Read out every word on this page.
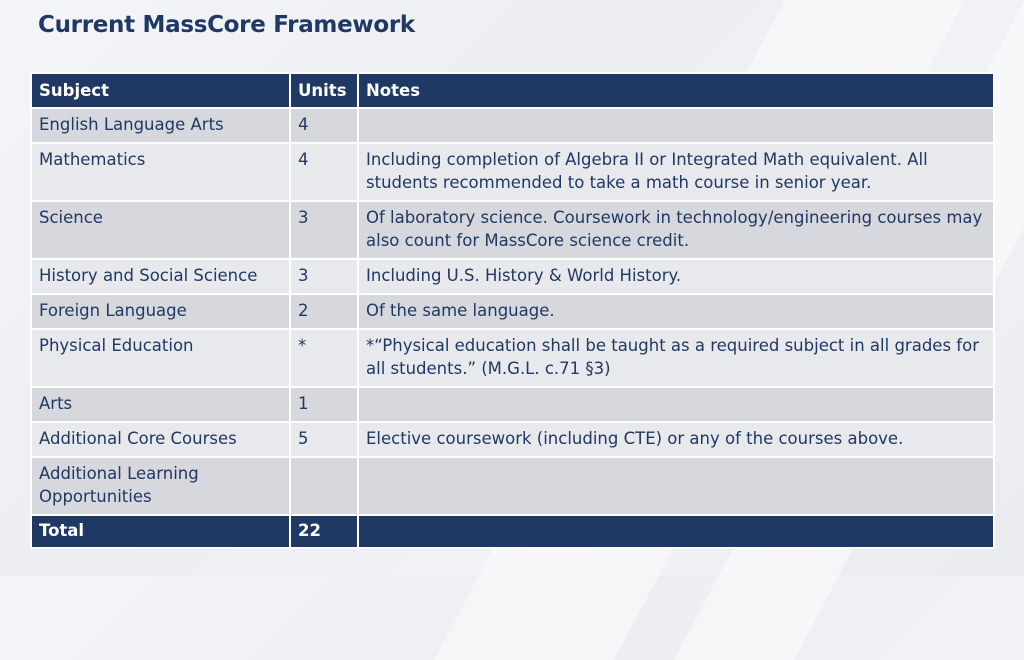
Current MassCore Framework
Subject	Units	Notes
English Language Arts	4	
Mathematics	4	Including completion of Algebra II or Integrated Math equivalent. All students recommended to take a math course in senior year.
Science	3	Of laboratory science. Coursework in technology/engineering courses may also count for MassCore science credit.
History and Social Science	3	Including U.S. History & World History.
Foreign Language	2	Of the same language.
Physical Education	*	*“Physical education shall be taught as a required subject in all grades for all students.” (M.G.L. c.71 §3)
Arts	1	
Additional Core Courses	5	Elective coursework (including CTE) or any of the courses above.
Additional Learning Opportunities		
Total	22	
